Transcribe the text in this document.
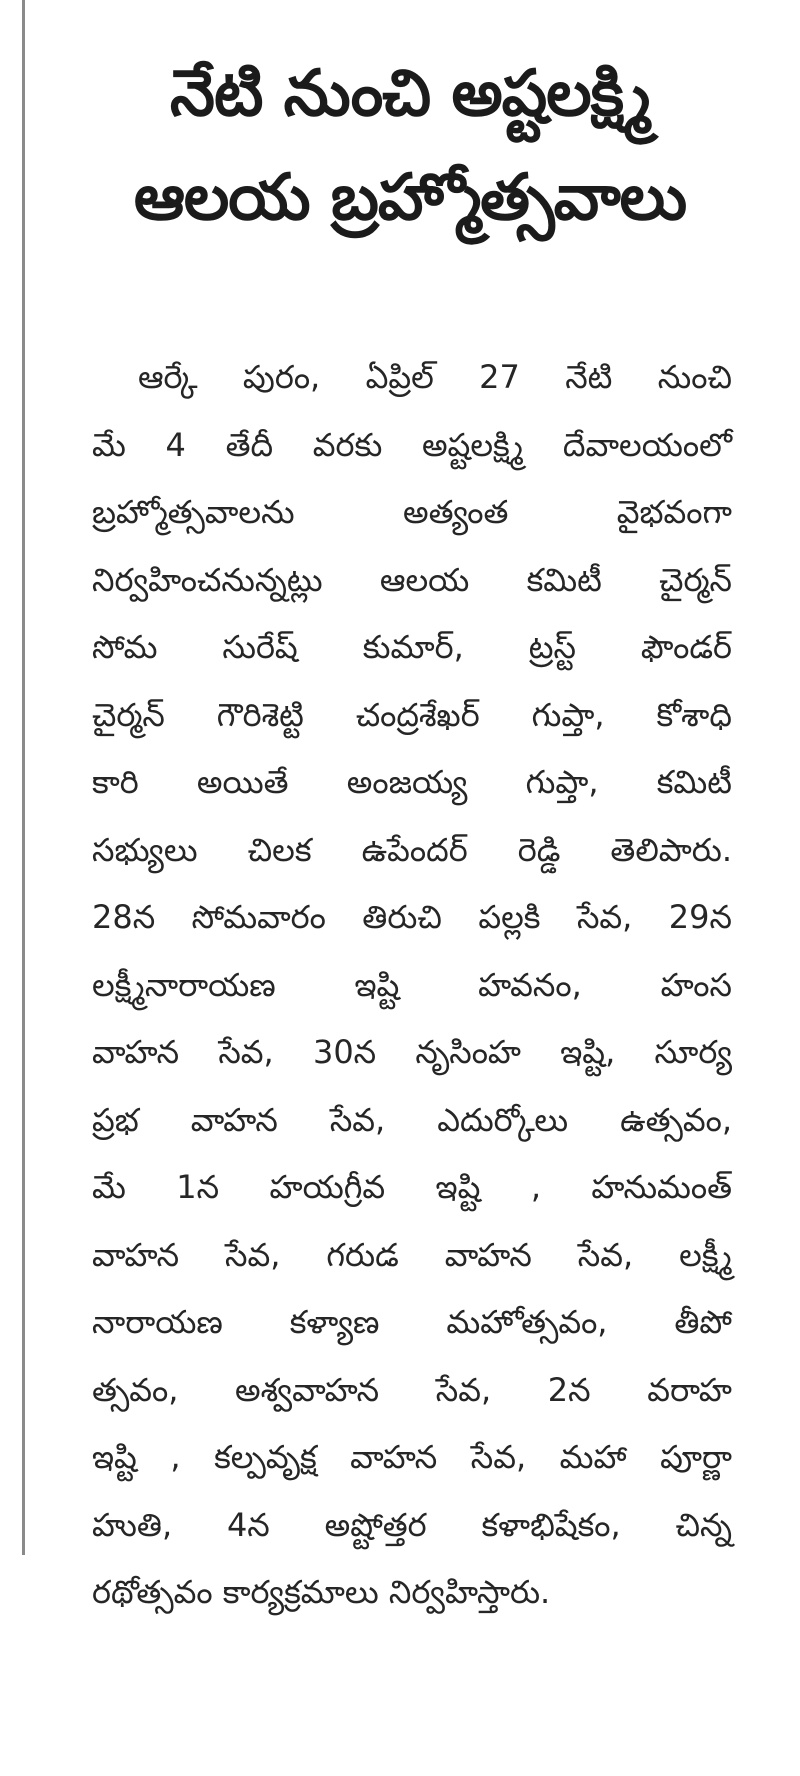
నేటి నుంచి అష్టలక్ష్మి
ఆలయ బ్రహ్మోత్సవాలు
ఆర్కే పురం, ఏప్రిల్ 27 నేటి నుంచి
మే 4 తేదీ వరకు అష్టలక్ష్మి దేవాలయంలో
బ్రహ్మోత్సవాలను అత్యంత వైభవంగా
నిర్వహించనున్నట్లు ఆలయ కమిటీ చైర్మన్
సోమ సురేష్ కుమార్, ట్రస్ట్ ఫౌండర్
చైర్మన్ గౌరిశెట్టి చంద్రశేఖర్ గుప్తా, కోశాధి
కారి అయితే అంజయ్య గుప్తా, కమిటీ
సభ్యులు చిలక ఉపేందర్ రెడ్డి తెలిపారు.
28న సోమవారం తిరుచి పల్లకి సేవ, 29న
లక్ష్మీనారాయణ ఇష్టి హవనం, హంస
వాహన సేవ, 30న నృసింహ ఇష్టి, సూర్య
ప్రభ వాహన సేవ, ఎదుర్కోలు ఉత్సవం,
మే 1న హయగ్రీవ ఇష్టి , హనుమంత్
వాహన సేవ, గరుడ వాహన సేవ, లక్ష్మీ
నారాయణ కళ్యాణ మహోత్సవం, తీపో
త్సవం, అశ్వవాహన సేవ, 2న వరాహ
ఇష్టి , కల్పవృక్ష వాహన సేవ, మహా పూర్ణా
హుతి, 4న అష్టోత్తర కళాభిషేకం, చిన్న
రథోత్సవం కార్యక్రమాలు నిర్వహిస్తారు.
